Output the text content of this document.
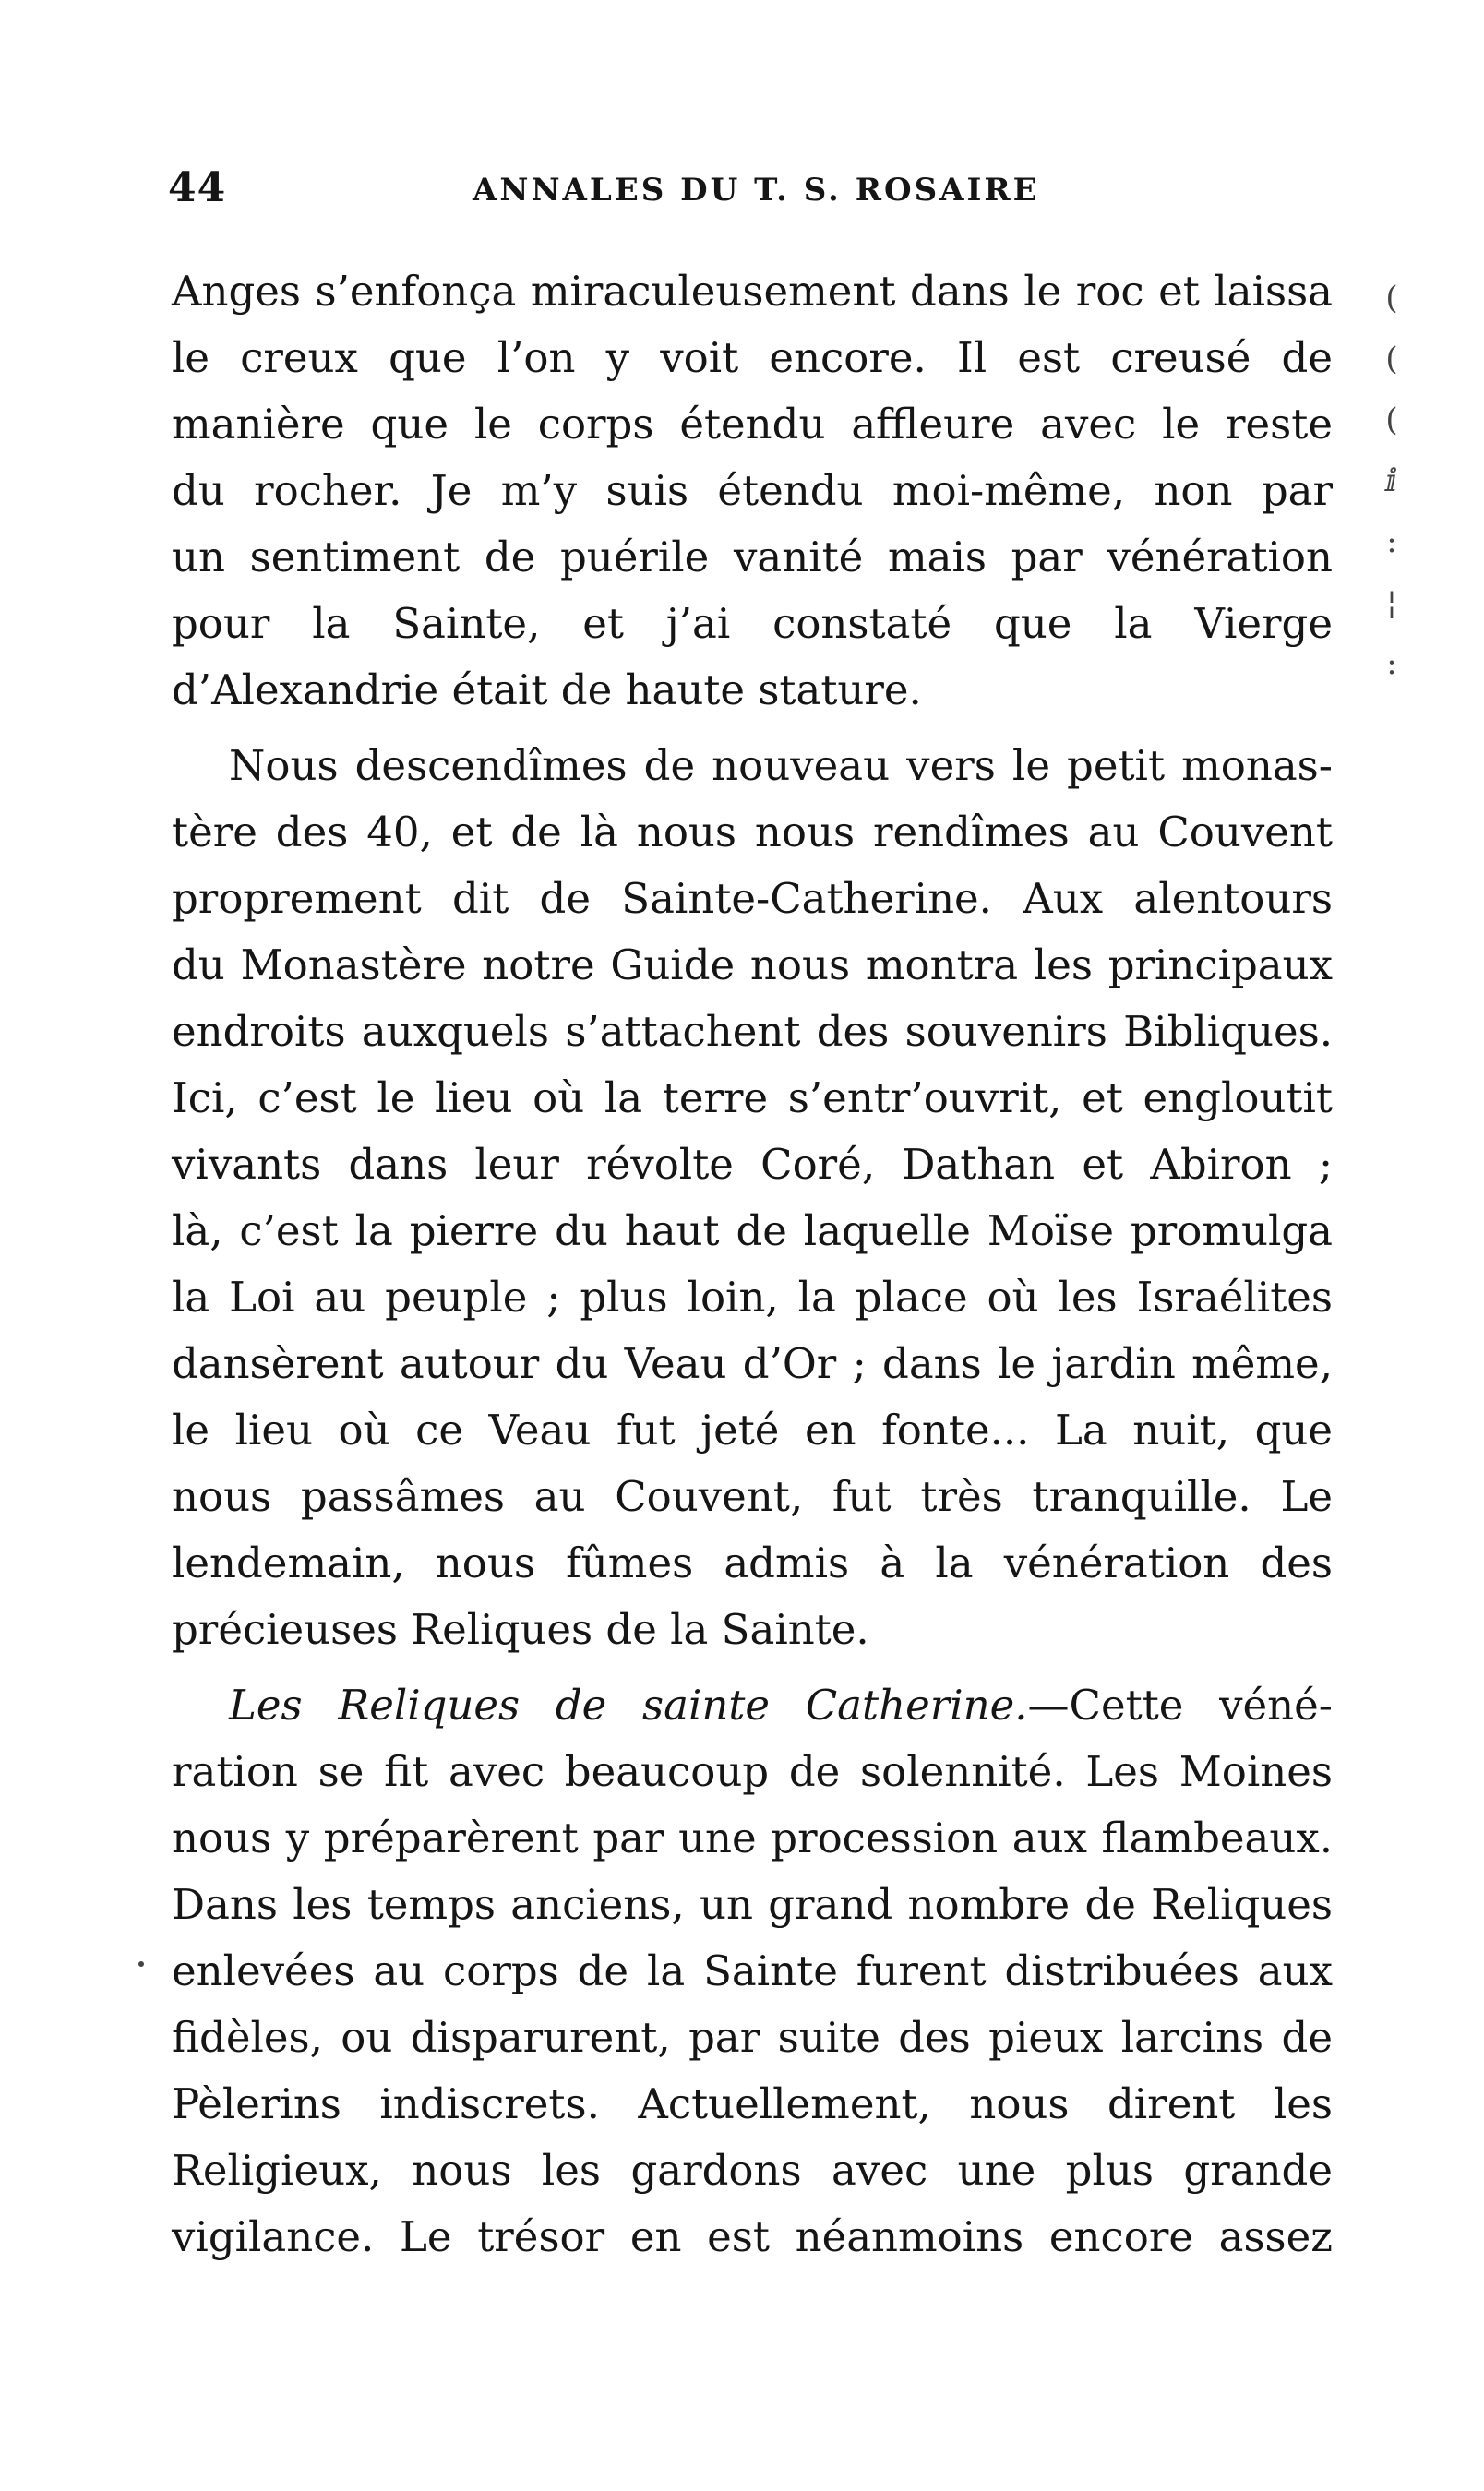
44	ANNALES DU T. S. ROSAIRE
Anges s’enfonça miraculeusement dans le roc et laissa
le creux que l’on y voit encore. Il est creusé de
manière que le corps étendu affleure avec le reste
du rocher. Je m’y suis étendu moi-même, non par
un sentiment de puérile vanité mais par vénération
pour la Sainte, et j’ai constaté que la Vierge
d’Alexandrie était de haute stature.
Nous descendîmes de nouveau vers le petit monas-
tère des 40, et de là nous nous rendîmes au Couvent
proprement dit de Sainte-Catherine. Aux alentours
du Monastère notre Guide nous montra les principaux
endroits auxquels s’attachent des souvenirs Bibliques.
Ici, c’est le lieu où la terre s’entr’ouvrit, et engloutit
vivants dans leur révolte Coré, Dathan et Abiron ;
là, c’est la pierre du haut de laquelle Moïse promulga
la Loi au peuple ; plus loin, la place où les Israélites
dansèrent autour du Veau d’Or ; dans le jardin même,
le lieu où ce Veau fut jeté en fonte... La nuit, que
nous passâmes au Couvent, fut très tranquille. Le
lendemain, nous fûmes admis à la vénération des
précieuses Reliques de la Sainte.
Les Reliques de sainte Catherine.—Cette véné-
ration se fit avec beaucoup de solennité. Les Moines
nous y préparèrent par une procession aux flambeaux.
Dans les temps anciens, un grand nombre de Reliques
enlevées au corps de la Sainte furent distribuées aux
fidèles, ou disparurent, par suite des pieux larcins de
Pèlerins indiscrets. Actuellement, nous dirent les
Religieux, nous les gardons avec une plus grande
vigilance. Le trésor en est néanmoins encore assez
(
(
(
ⅈ
:
¦
:
